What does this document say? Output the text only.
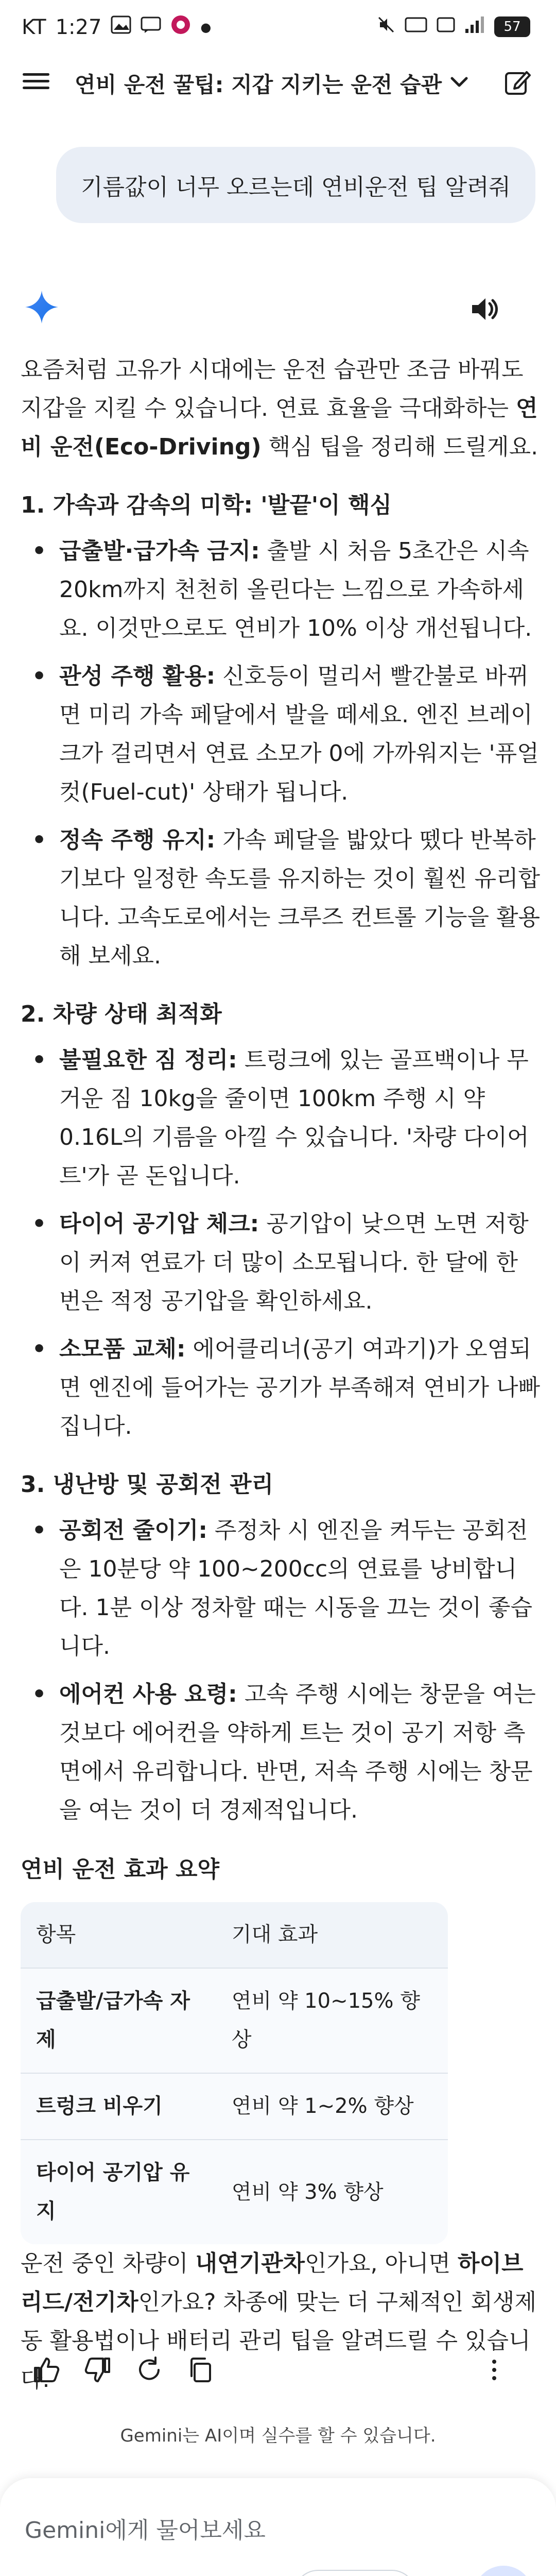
KT 1:27	●	57
연비 운전 꿀팁: 지갑 지키는 운전 습관
기름값이 너무 오르는데 연비운전 팁 알려줘

요즘처럼 고유가 시대에는 운전 습관만 조금 바꿔도 지갑을 지킬 수 있습니다. 연료 효율을 극대화하는 연비 운전(Eco-Driving) 핵심 팁을 정리해 드릴게요.

1. 가속과 감속의 미학: '발끝'이 핵심
• 급출발·급가속 금지: 출발 시 처음 5초간은 시속 20km까지 천천히 올린다는 느낌으로 가속하세요. 이것만으로도 연비가 10% 이상 개선됩니다.
• 관성 주행 활용: 신호등이 멀리서 빨간불로 바뀌면 미리 가속 페달에서 발을 떼세요. 엔진 브레이크가 걸리면서 연료 소모가 0에 가까워지는 '퓨얼 컷(Fuel-cut)' 상태가 됩니다.
• 정속 주행 유지: 가속 페달을 밟았다 뗐다 반복하기보다 일정한 속도를 유지하는 것이 훨씬 유리합니다. 고속도로에서는 크루즈 컨트롤 기능을 활용해 보세요.
2. 차량 상태 최적화
• 불필요한 짐 정리: 트렁크에 있는 골프백이나 무거운 짐 10kg을 줄이면 100km 주행 시 약 0.16L의 기름을 아낄 수 있습니다. '차량 다이어트'가 곧 돈입니다.
• 타이어 공기압 체크: 공기압이 낮으면 노면 저항이 커져 연료가 더 많이 소모됩니다. 한 달에 한 번은 적정 공기압을 확인하세요.
• 소모품 교체: 에어클리너(공기 여과기)가 오염되면 엔진에 들어가는 공기가 부족해져 연비가 나빠집니다.
3. 냉난방 및 공회전 관리
• 공회전 줄이기: 주정차 시 엔진을 켜두는 공회전은 10분당 약 100~200cc의 연료를 낭비합니다. 1분 이상 정차할 때는 시동을 끄는 것이 좋습니다.
• 에어컨 사용 요령: 고속 주행 시에는 창문을 여는 것보다 에어컨을 약하게 트는 것이 공기 저항 측면에서 유리합니다. 반면, 저속 주행 시에는 창문을 여는 것이 더 경제적입니다.
연비 운전 효과 요약
항목	기대 효과
급출발/급가속 자제	연비 약 10~15% 향상
트렁크 비우기	연비 약 1~2% 향상
타이어 공기압 유지	연비 약 3% 향상

운전 중인 차량이 내연기관차인가요, 아니면 하이브리드/전기차인가요? 차종에 맞는 더 구체적인 회생제동 활용법이나 배터리 관리 팁을 알려드릴 수 있습니다.

Gemini는 AI이며 실수를 할 수 있습니다.
Gemini에게 물어보세요
